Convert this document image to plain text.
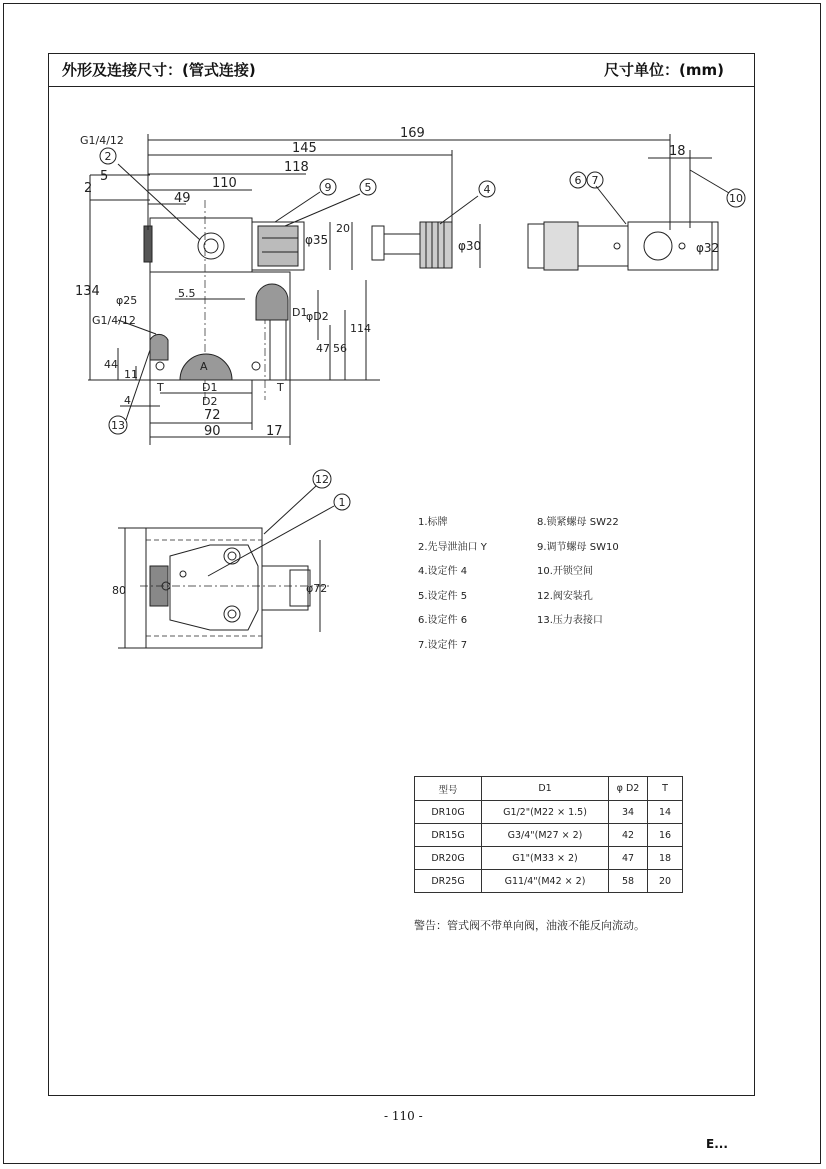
外形及连接尺寸：(管式连接)	尺寸单位：(mm)
G1/4/12	169
145
118
110
49
18
5
2
134
φ25
G1/4/12
φ35
20
φ30	φ32
5.5
D1
φD2
114
47 56
44
11
T	T
A
D1
D2
72
4
90	17
80	φ72
2
9	5	4
6 7
10
13
12
1
1.标牌
2.先导泄油口 Y
4.设定件 4
5.设定件 5
6.设定件 6
7.设定件 7
8.锁紧螺母 SW22
9.调节螺母 SW10
10.开锁空间
12.阀安装孔
13.压力表接口
型号	D1	φ D2	T
DR10G	G1/2"(M22 × 1.5)	34	14
DR15G	G3/4"(M27 × 2)	42	16
DR20G	G1"(M33 × 2)	47	18
DR25G	G11/4"(M42 × 2)	58	20
警告：管式阀不带单向阀，油液不能反向流动。
- 110 -
E...
